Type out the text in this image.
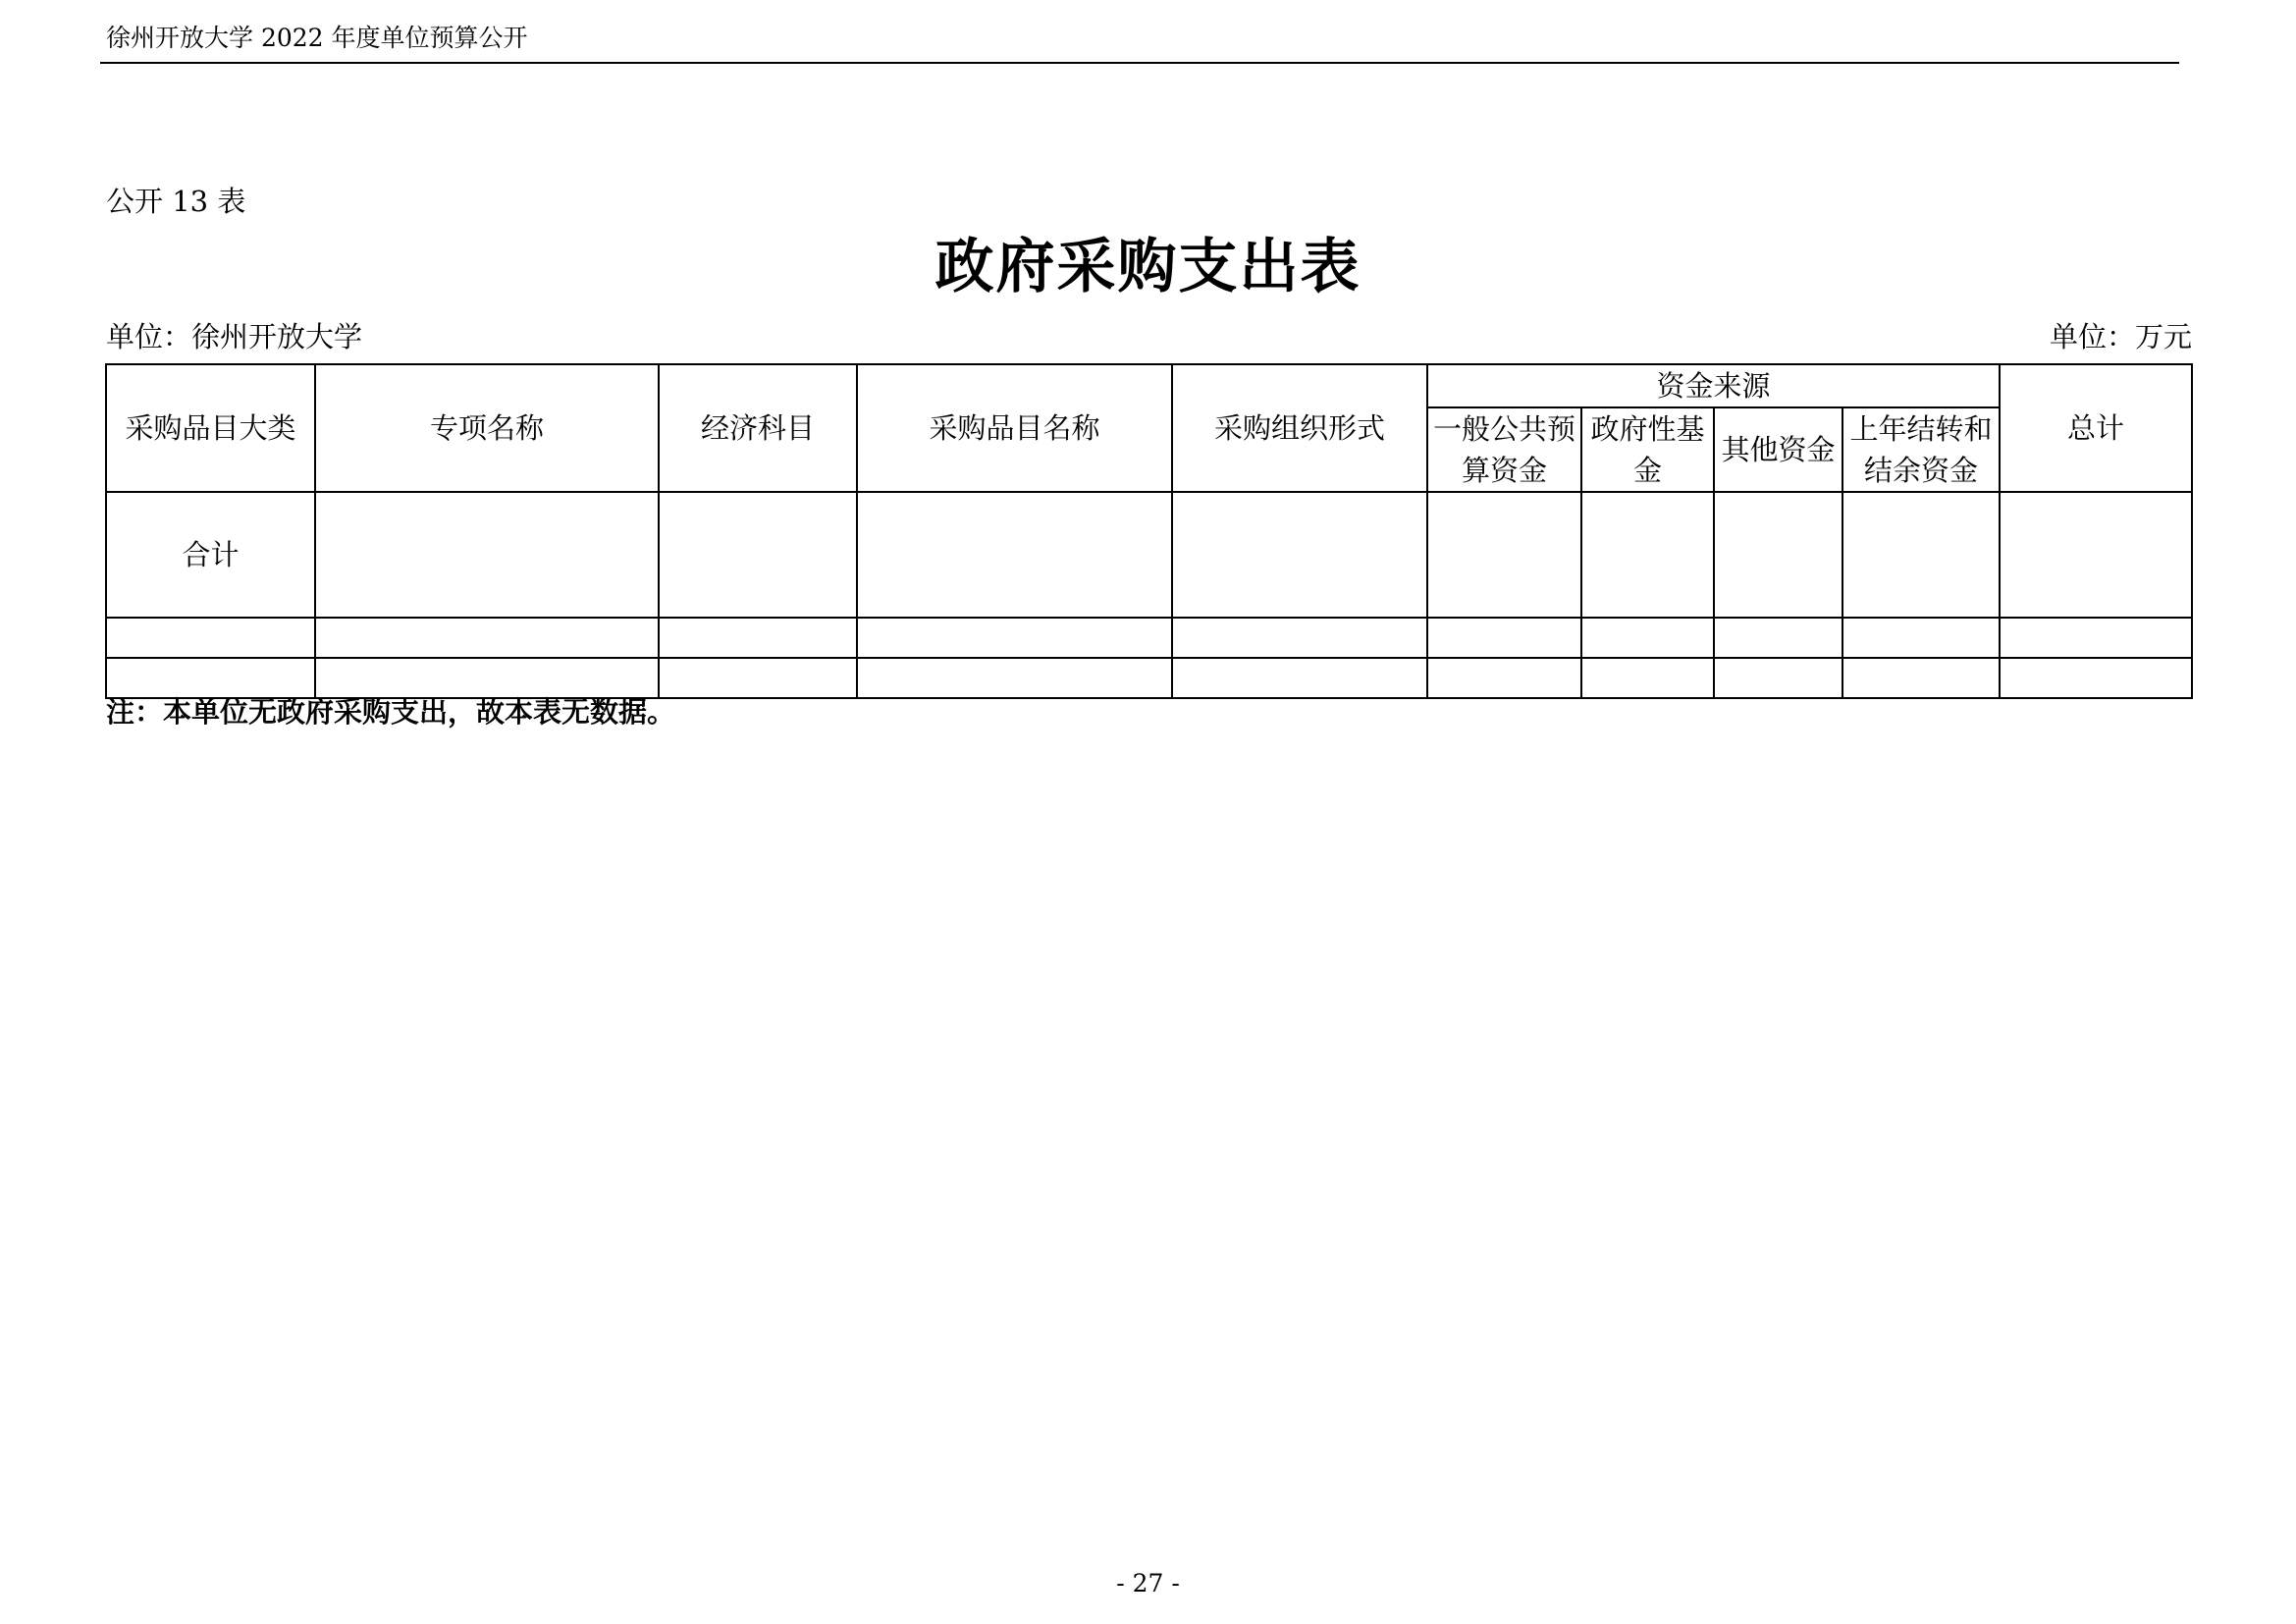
徐州开放大学 2022 年度单位预算公开
公开 13 表
政府采购支出表
单位：徐州开放大学	单位：万元
采购品目大类	专项名称	经济科目	采购品目名称	采购组织形式	资金来源				总计
					一般公共预算资金	政府性基金	其他资金	上年结转和结余资金	
合计									

注：本单位无政府采购支出，故本表无数据。
- 27 -
